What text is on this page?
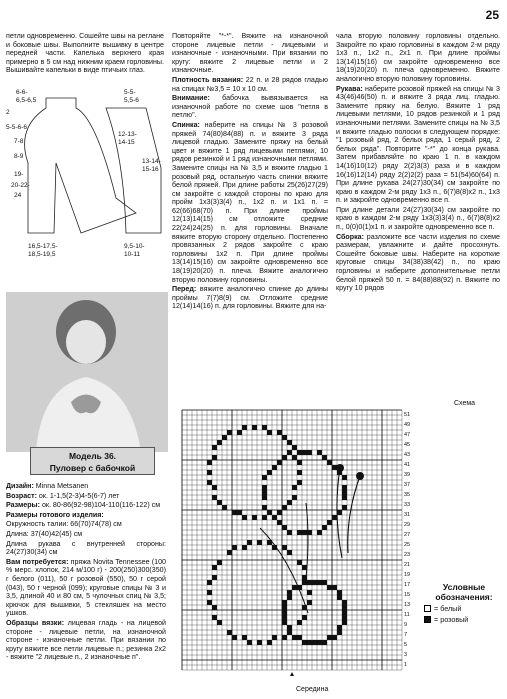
25

петли одновременно. Сошейте швы на реглане и боковые швы. Выполните вышивку в центре передней части. Капелька верхнего края примерно в 5 см над нижним краем горловины. Вышивайте капельки в виде птичьих глаз.

6-6-
6,5-6,5
2
5-5-6-6
7-8
8-9
19-
20-22-
24
16,5-17,5-
18,5-19,5
5-5-
5,5-6
12-13-
14-15
13-14-
15-16
9,5-10-
10-11
Модель 36.
Пуловер с бабочкой

Дизайн: Minna Metsanen

Возраст: ок. 1-1,5(2-3)4-5(6-7) лет

Размеры: ок. 80-86(92-98)104-110(116-122) см

Размеры готового изделия:

Окружность талии: 66(70)74(78) см

Длина: 37(40)42(45) см

Длина рукава с внутренней стороны: 24(27)30(34) см

Вам потребуется: пряжа Novita Tennessee (100 % мерс. хлопок, 214 м/100 г) - 200(250)300(350) г белого (011), 50 г розовой (550), 50 г серой (043), 50 г черной (099); круговые спицы № 3 и 3,5, длиной 40 и 80 см, 5 чулочных спиц № 3,5; крючок для вышивки, 5 стекляшек на место ушков.

Образцы вязки: лицевая гладь - на лицевой стороне - лицевые петли, на изнаночной стороне - изнаночные петли. При вязании по кругу вяжите все петли лицевые п.; резинка 2х2 - вяжите "2 лицевые п., 2 изнаночные п".

Повторяйте "*-*". Вяжите на изнаночной стороне лицевые петли - лицевыми и изнаночные - изнаночными. При вязании по кругу: вяжите 2 лицевые петли и 2 изнаночные.

Плотность вязания: 22 п. и 28 рядов гладью на спицах №3,5 = 10 х 10 см.

Внимание: бабочка вывязывается на изнаночной работе по схеме шов "петля в петлю".

Спинка: наберите на спицы № 3 розовой пряжей 74(80)84(88) п. и вяжите 3 ряда лицевой гладью. Замените пряжу на белый цвет и вяжите 1 ряд лицевыми петлями, 10 рядов резинкой и 1 ряд изнаночными петлями. Замените спицы на № 3,5 и вяжите гладью 1 розовый ряд, остальную часть спинки вяжите белой пряжей. При длине работы 25(26)27(29) см закройте с каждой стороны по краю для пройм 1х3(3)3(4) п., 1х2 п. и 1х1 п. = 62(66)68(70) п. При длине проймы 12(13)14(15) см отложите средние 22(24)24(25) п. для горловины. Вначале вяжите вторую сторону отдельно. Постепенно провязанных 2 рядов закройте с краю горловины 1х2 п. При длине проймы 13(14)15(16) см закройте одновременно все 18(19)20(20) п. плеча. Вяжите аналогично вторую половину горловины.

Перед: вяжите аналогично спинке до длины проймы 7(7)8(9) см. Отложите средние 12(14)14(16) п. для горловины. Вяжите для на-

чала вторую половину горловины отдельно. Закройте по краю горловины в каждом 2-м ряду 1х3 п., 1х2 п., 2х1 п. При длине проймы 13(14)15(16) см закройте одновременно все 18(19)20(20) п. плеча одновременно. Вяжите аналогично вторую половину горловины.

Рукава: наберите розовой пряжей на спицы № 3 43(46)46(50) п. и вяжите 3 ряда лиц. гладью. Замените пряжу на белую. Вяжите 1 ряд лицевыми петлями, 10 рядов резинкой и 1 ряд изнаночными петлями. Замените спицы на № 3,5 и вяжите гладью полоски в следующем порядке: "1 розовый ряд, 2 белых ряда, 1 серый ряд, 2 белых ряда". Повторите "-*" до конца рукава. Затем прибавляйте по краю 1 п. в каждом 14(16)10(12) ряду 2(2)3(3) раза и в каждом 16(16)12(14) ряду 2(2)2(2) раза = 51(54)60(64) п. При длине рукава 24(27)30(34) см закройте по краю в каждом 2-м ряду 1х3 п., 6(7)8(8)х2 п., 1х3 п. и закройте одновременно все п.

При длине детали 24(27)30(34) см закройте по краю в каждом 2-м ряду 1х3(3)3(4) п., 6(7)8(8)х2 п., 0(0)0(1)х1 п. и закройте одновременно все п.

Сборка: разложите все части изделия по схеме размерам, увлажните и дайте просохнуть. Сошейте боковые швы. Наберите на короткие круговые спицы 34(38)38(42) п., по краю горловины и наберите дополнительные петли белой пряжей 50 п. = 84(88)88(92) п. Вяжите по кругу 10 рядов

Схема
51
49
47
45
43
41
39
37
35
33
31
29
27
25
23
21
19
17
15
13
11
9
7
5
3
1
Середина
Условные обозначения:
= белый
= розовый
